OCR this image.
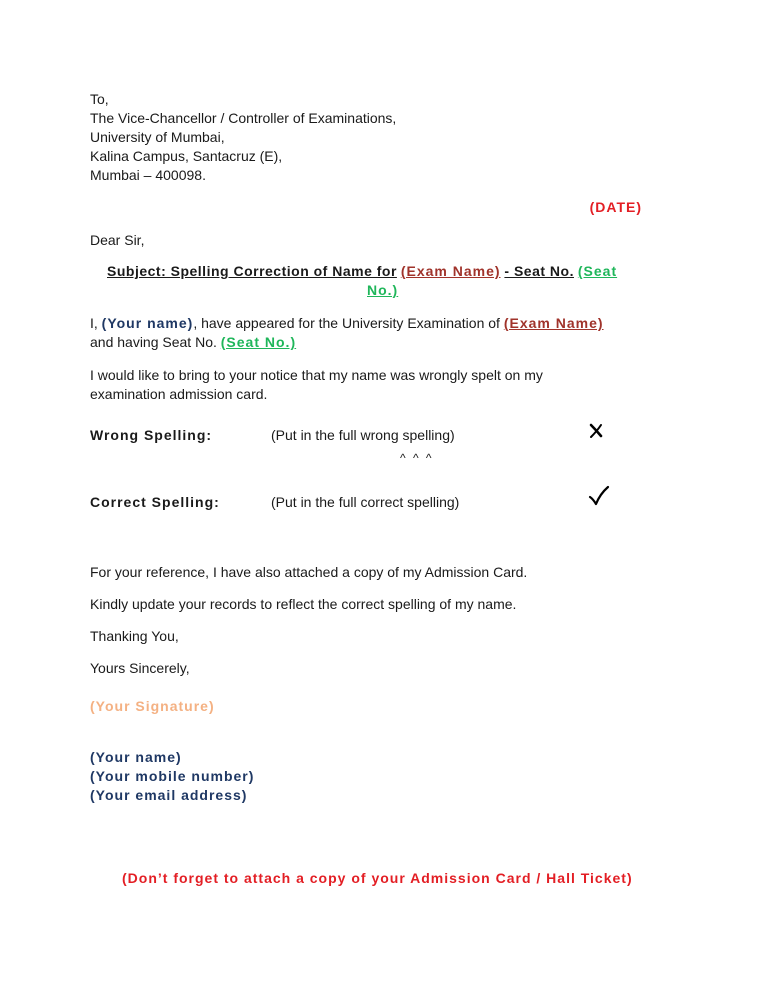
To,
The Vice-Chancellor / Controller of Examinations,
University of Mumbai,
Kalina Campus, Santacruz (E),
Mumbai – 400098.
(DATE)
Dear Sir,
Subject: Spelling Correction of Name for (Exam Name) - Seat No. (Seat
No.)
I, (Your name), have appeared for the University Examination of (Exam Name)
and having Seat No. (Seat No.)
I would like to bring to your notice that my name was wrongly spelt on my
examination admission card.
Wrong Spelling:	(Put in the full wrong spelling)
^ ^ ^
Correct Spelling:	(Put in the full correct spelling)
For your reference, I have also attached a copy of my Admission Card.
Kindly update your records to reflect the correct spelling of my name.
Thanking You,
Yours Sincerely,
(Your Signature)
(Your name)
(Your mobile number)
(Your email address)
(Don’t forget to attach a copy of your Admission Card / Hall Ticket)
